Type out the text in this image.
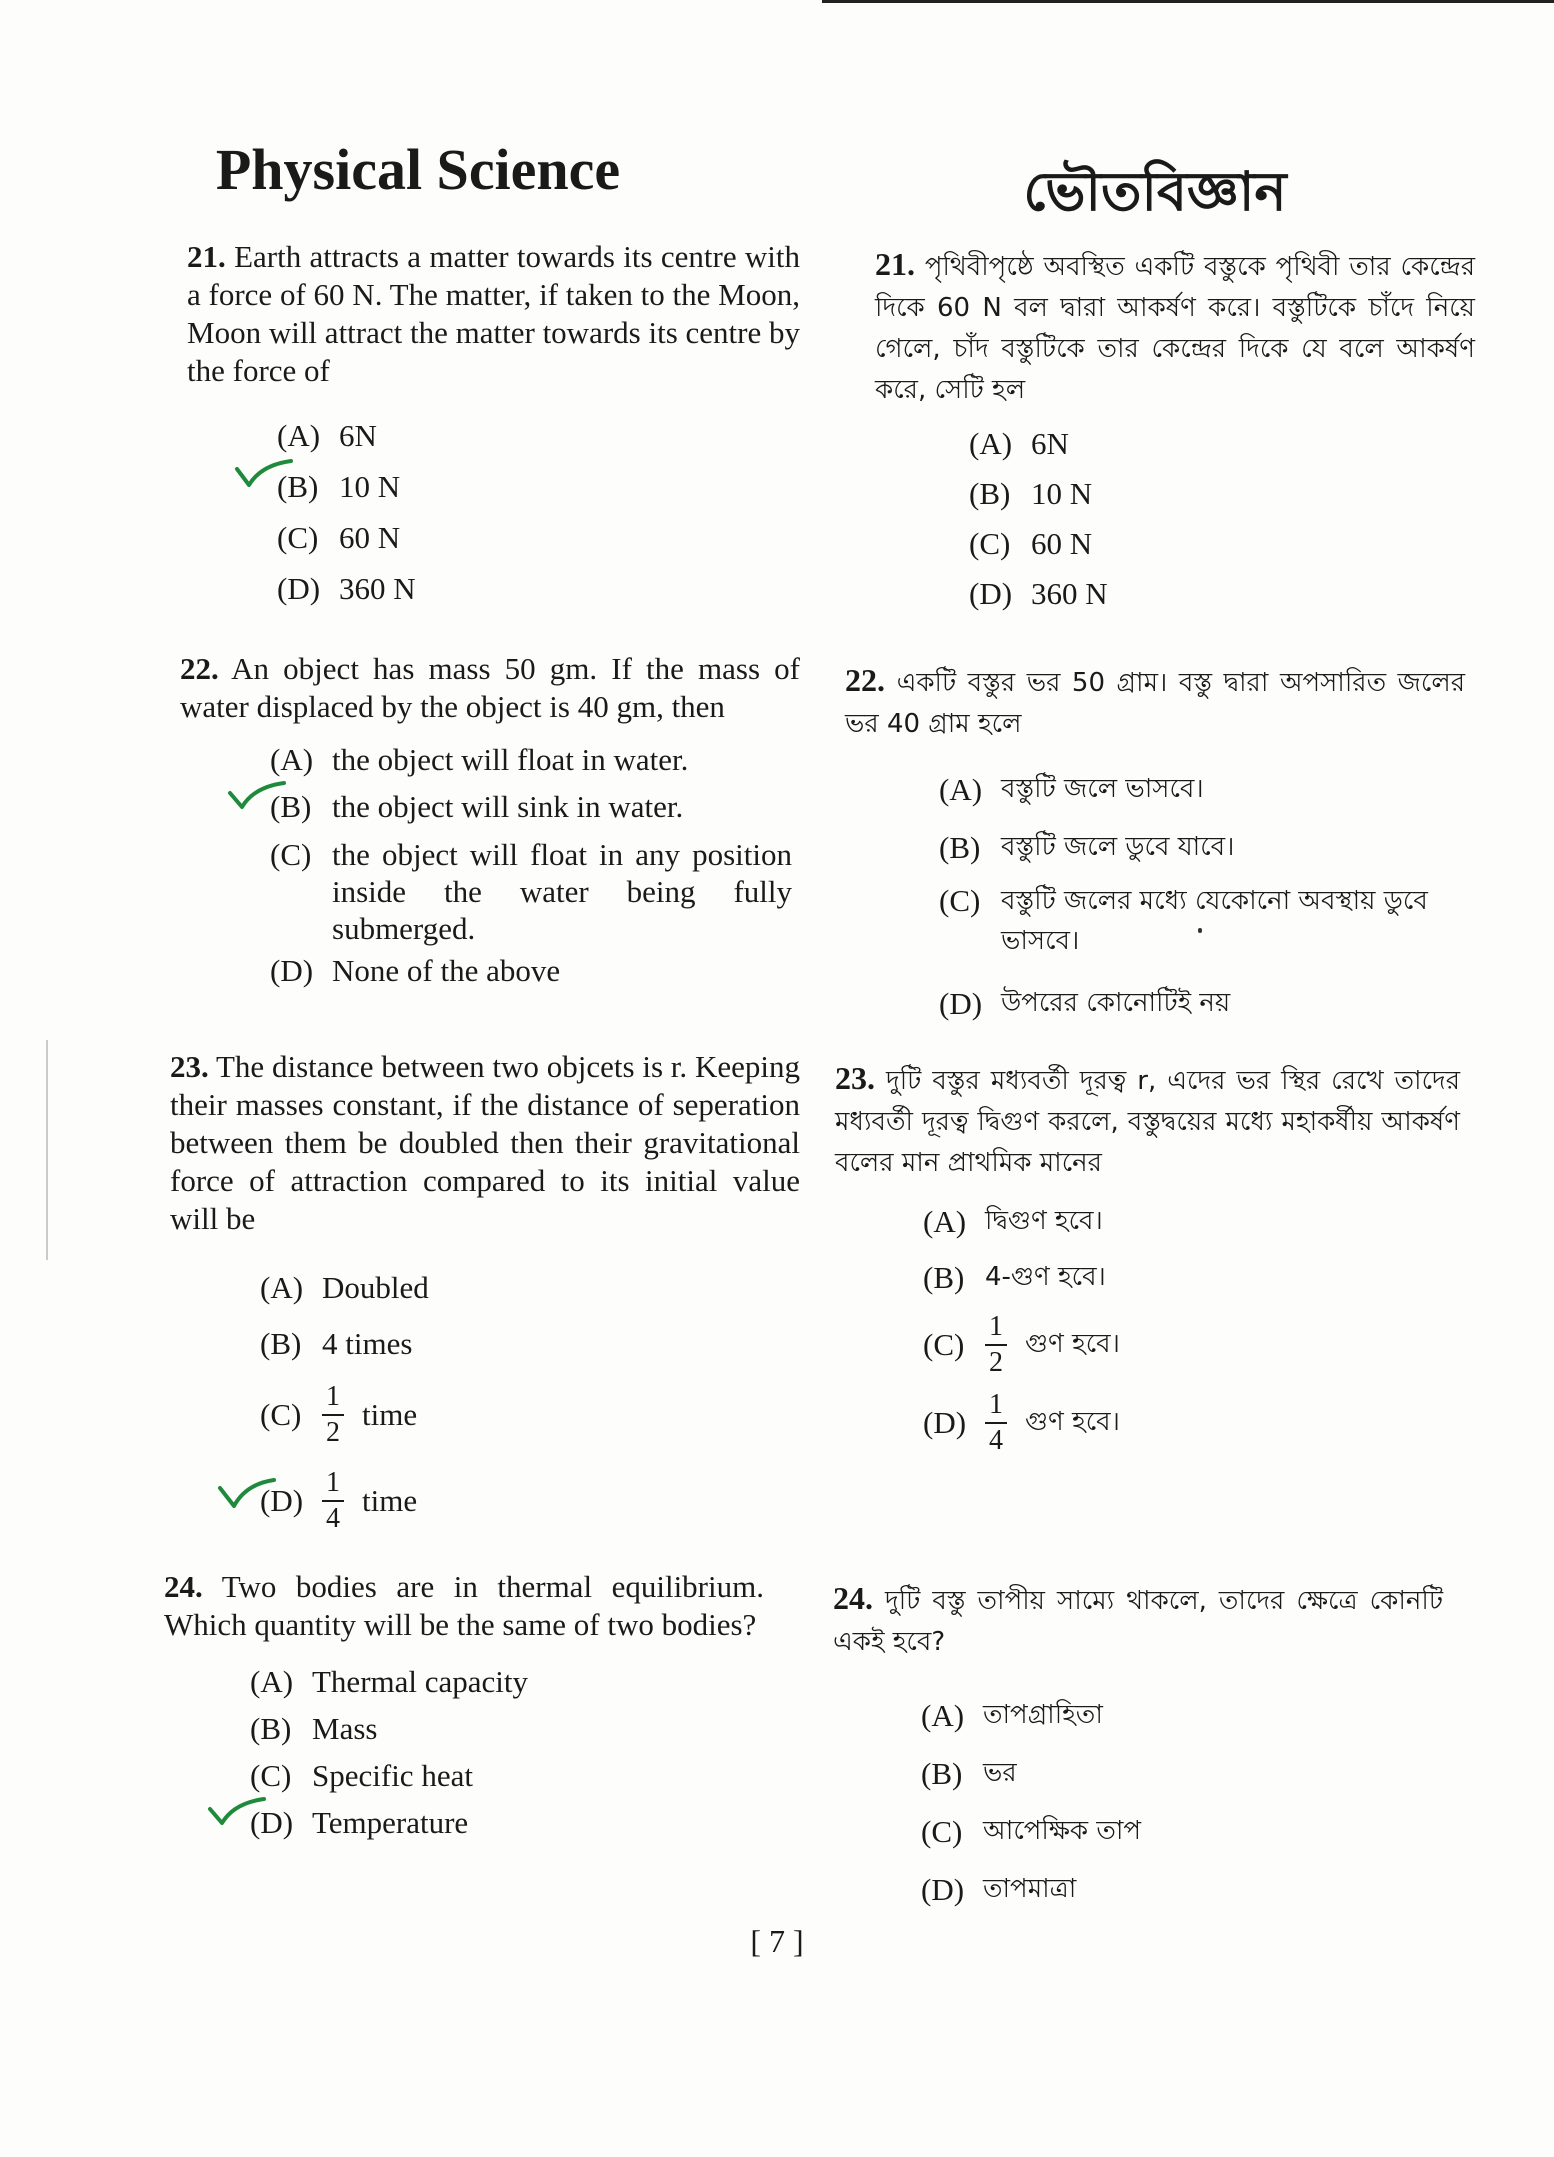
Physical Science

21. Earth attracts a matter towards its centre with a force of 60 N. The matter, if taken to the Moon, Moon will attract the matter towards its centre by the force of

(A) 6N
(B) 10 N
(C) 60 N
(D) 360 N

22. An object has mass 50 gm. If the mass of water displaced by the object is 40 gm, then

(A) the object will float in water.
(B) the object will sink in water.
(C) the object will float in any position inside the water being fully submerged.
(D) None of the above

23. The distance between two objcets is r. Keeping their masses constant, if the distance of seperation between them be doubled then their gravitational force of attraction compared to its initial value will be

(A) Doubled
(B) 4 times
$(C) \frac{1}{2}$ time
$(D) \frac{1}{4}$ time

24. Two bodies are in thermal equilibrium. Which quantity will be the same of two bodies?

(A) Thermal capacity
(B) Mass
(C) Specific heat
(D) Temperature
ভৌতবিজ্ঞান

21. পৃথিবীপৃষ্ঠে অবস্থিত একটি বস্তুকে পৃথিবী তার কেন্দ্রের দিকে 60 N বল দ্বারা আকর্ষণ করে। বস্তুটিকে চাঁদে নিয়ে গেলে, চাঁদ বস্তুটিকে তার কেন্দ্রের দিকে যে বলে আকর্ষণ করে, সেটি হল

(A) 6N
(B) 10 N
(C) 60 N
(D) 360 N

22. একটি বস্তুর ভর 50 গ্রাম। বস্তু দ্বারা অপসারিত জলের ভর 40 গ্রাম হলে

(A) বস্তুটি জলে ভাসবে।
(B) বস্তুটি জলে ডুবে যাবে।
(C) বস্তুটি জলের মধ্যে যেকোনো অবস্থায় ডুবে ভাসবে।
(D) উপরের কোনোটিই নয়

23. দুটি বস্তুর মধ্যবর্তী দূরত্ব r, এদের ভর স্থির রেখে তাদের মধ্যবর্তী দূরত্ব দ্বিগুণ করলে, বস্তুদ্বয়ের মধ্যে মহাকর্ষীয় আকর্ষণ বলের মান প্রাথমিক মানের

(A) দ্বিগুণ হবে।
(B) 4-গুণ হবে।
$(C) \frac{1}{2}$ গুণ হবে।
$(D) \frac{1}{4}$ গুণ হবে।

24. দুটি বস্তু তাপীয় সাম্যে থাকলে, তাদের ক্ষেত্রে কোনটি একই হবে?

(A) তাপগ্রাহিতা
(B) ভর
(C) আপেক্ষিক তাপ
(D) তাপমাত্রা
[ 7 ]
